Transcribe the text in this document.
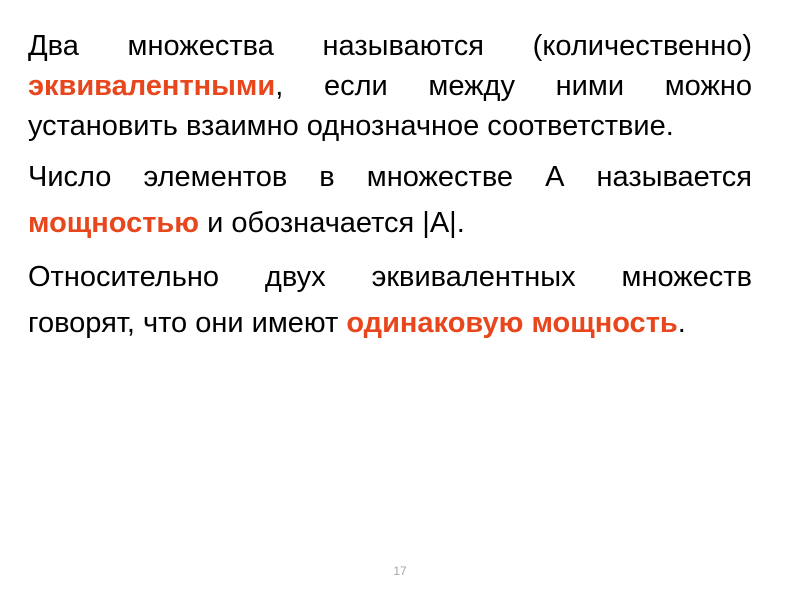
Два множества называются (количественно) эквивалентными, если между ними можно установить взаимно однозначное соответствие.

Число элементов в множестве А называется мощностью и обозначается |А|.

Относительно двух эквивалентных множеств говорят, что они имеют одинаковую мощность.

17
